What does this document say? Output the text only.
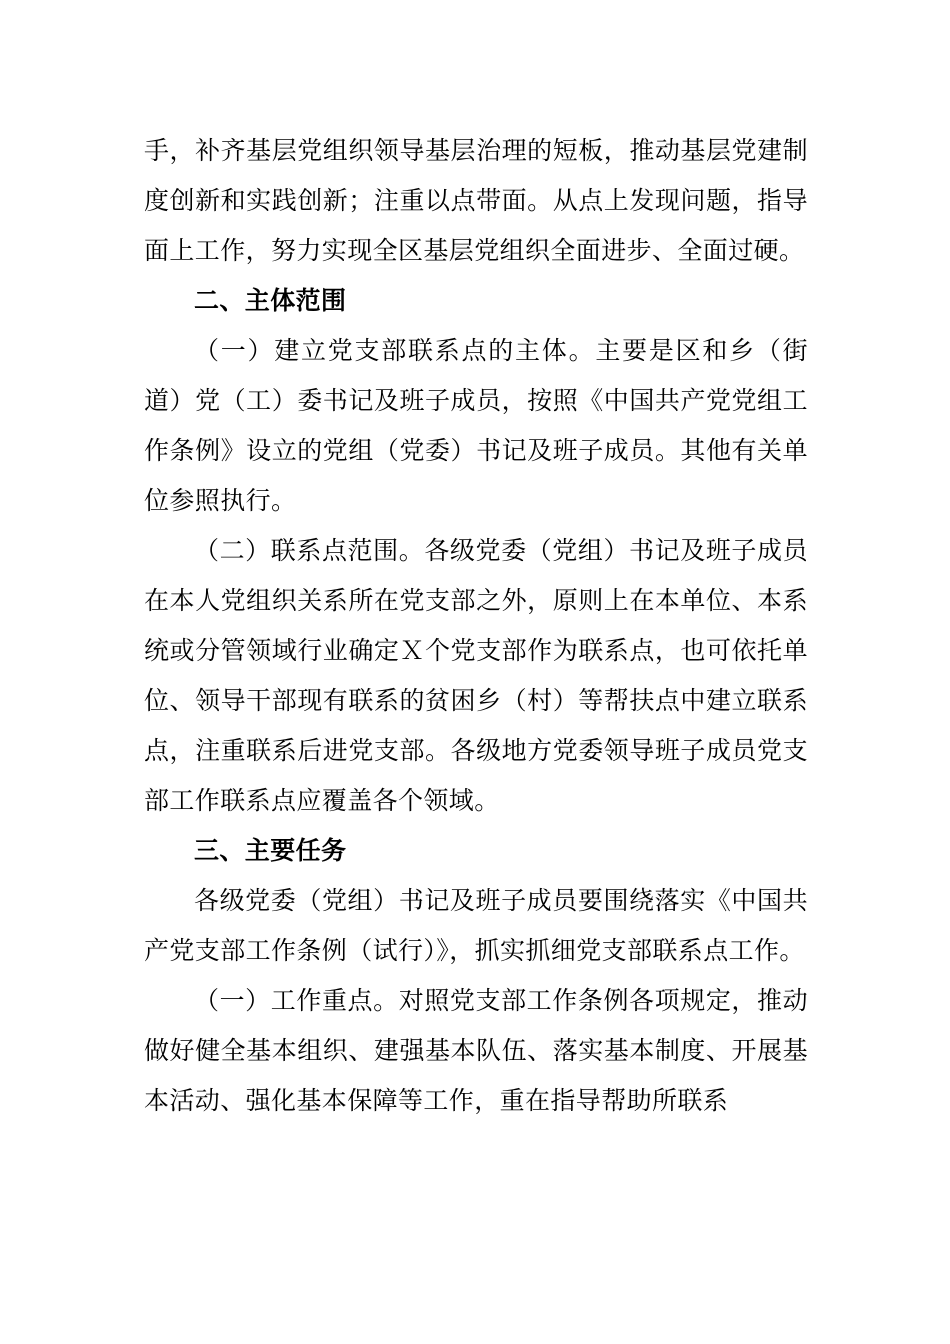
手，补齐基层党组织领导基层治理的短板，推动基层党建制度创新和实践创新；注重以点带面。从点上发现问题，指导面上工作，努力实现全区基层党组织全面进步、全面过硬。

二、主体范围

（一）建立党支部联系点的主体。主要是区和乡（街道）党（工）委书记及班子成员，按照《中国共产党党组工作条例》设立的党组（党委）书记及班子成员。其他有关单位参照执行。

（二）联系点范围。各级党委（党组）书记及班子成员在本人党组织关系所在党支部之外，原则上在本单位、本系统或分管领域行业确定Ｘ个党支部作为联系点，也可依托单位、领导干部现有联系的贫困乡（村）等帮扶点中建立联系点，注重联系后进党支部。各级地方党委领导班子成员党支部工作联系点应覆盖各个领域。

三、主要任务

各级党委（党组）书记及班子成员要围绕落实《中国共产党支部工作条例（试行）》，抓实抓细党支部联系点工作。

（一）工作重点。对照党支部工作条例各项规定，推动做好健全基本组织、建强基本队伍、落实基本制度、开展基本活动、强化基本保障等工作，重在指导帮助所联系
